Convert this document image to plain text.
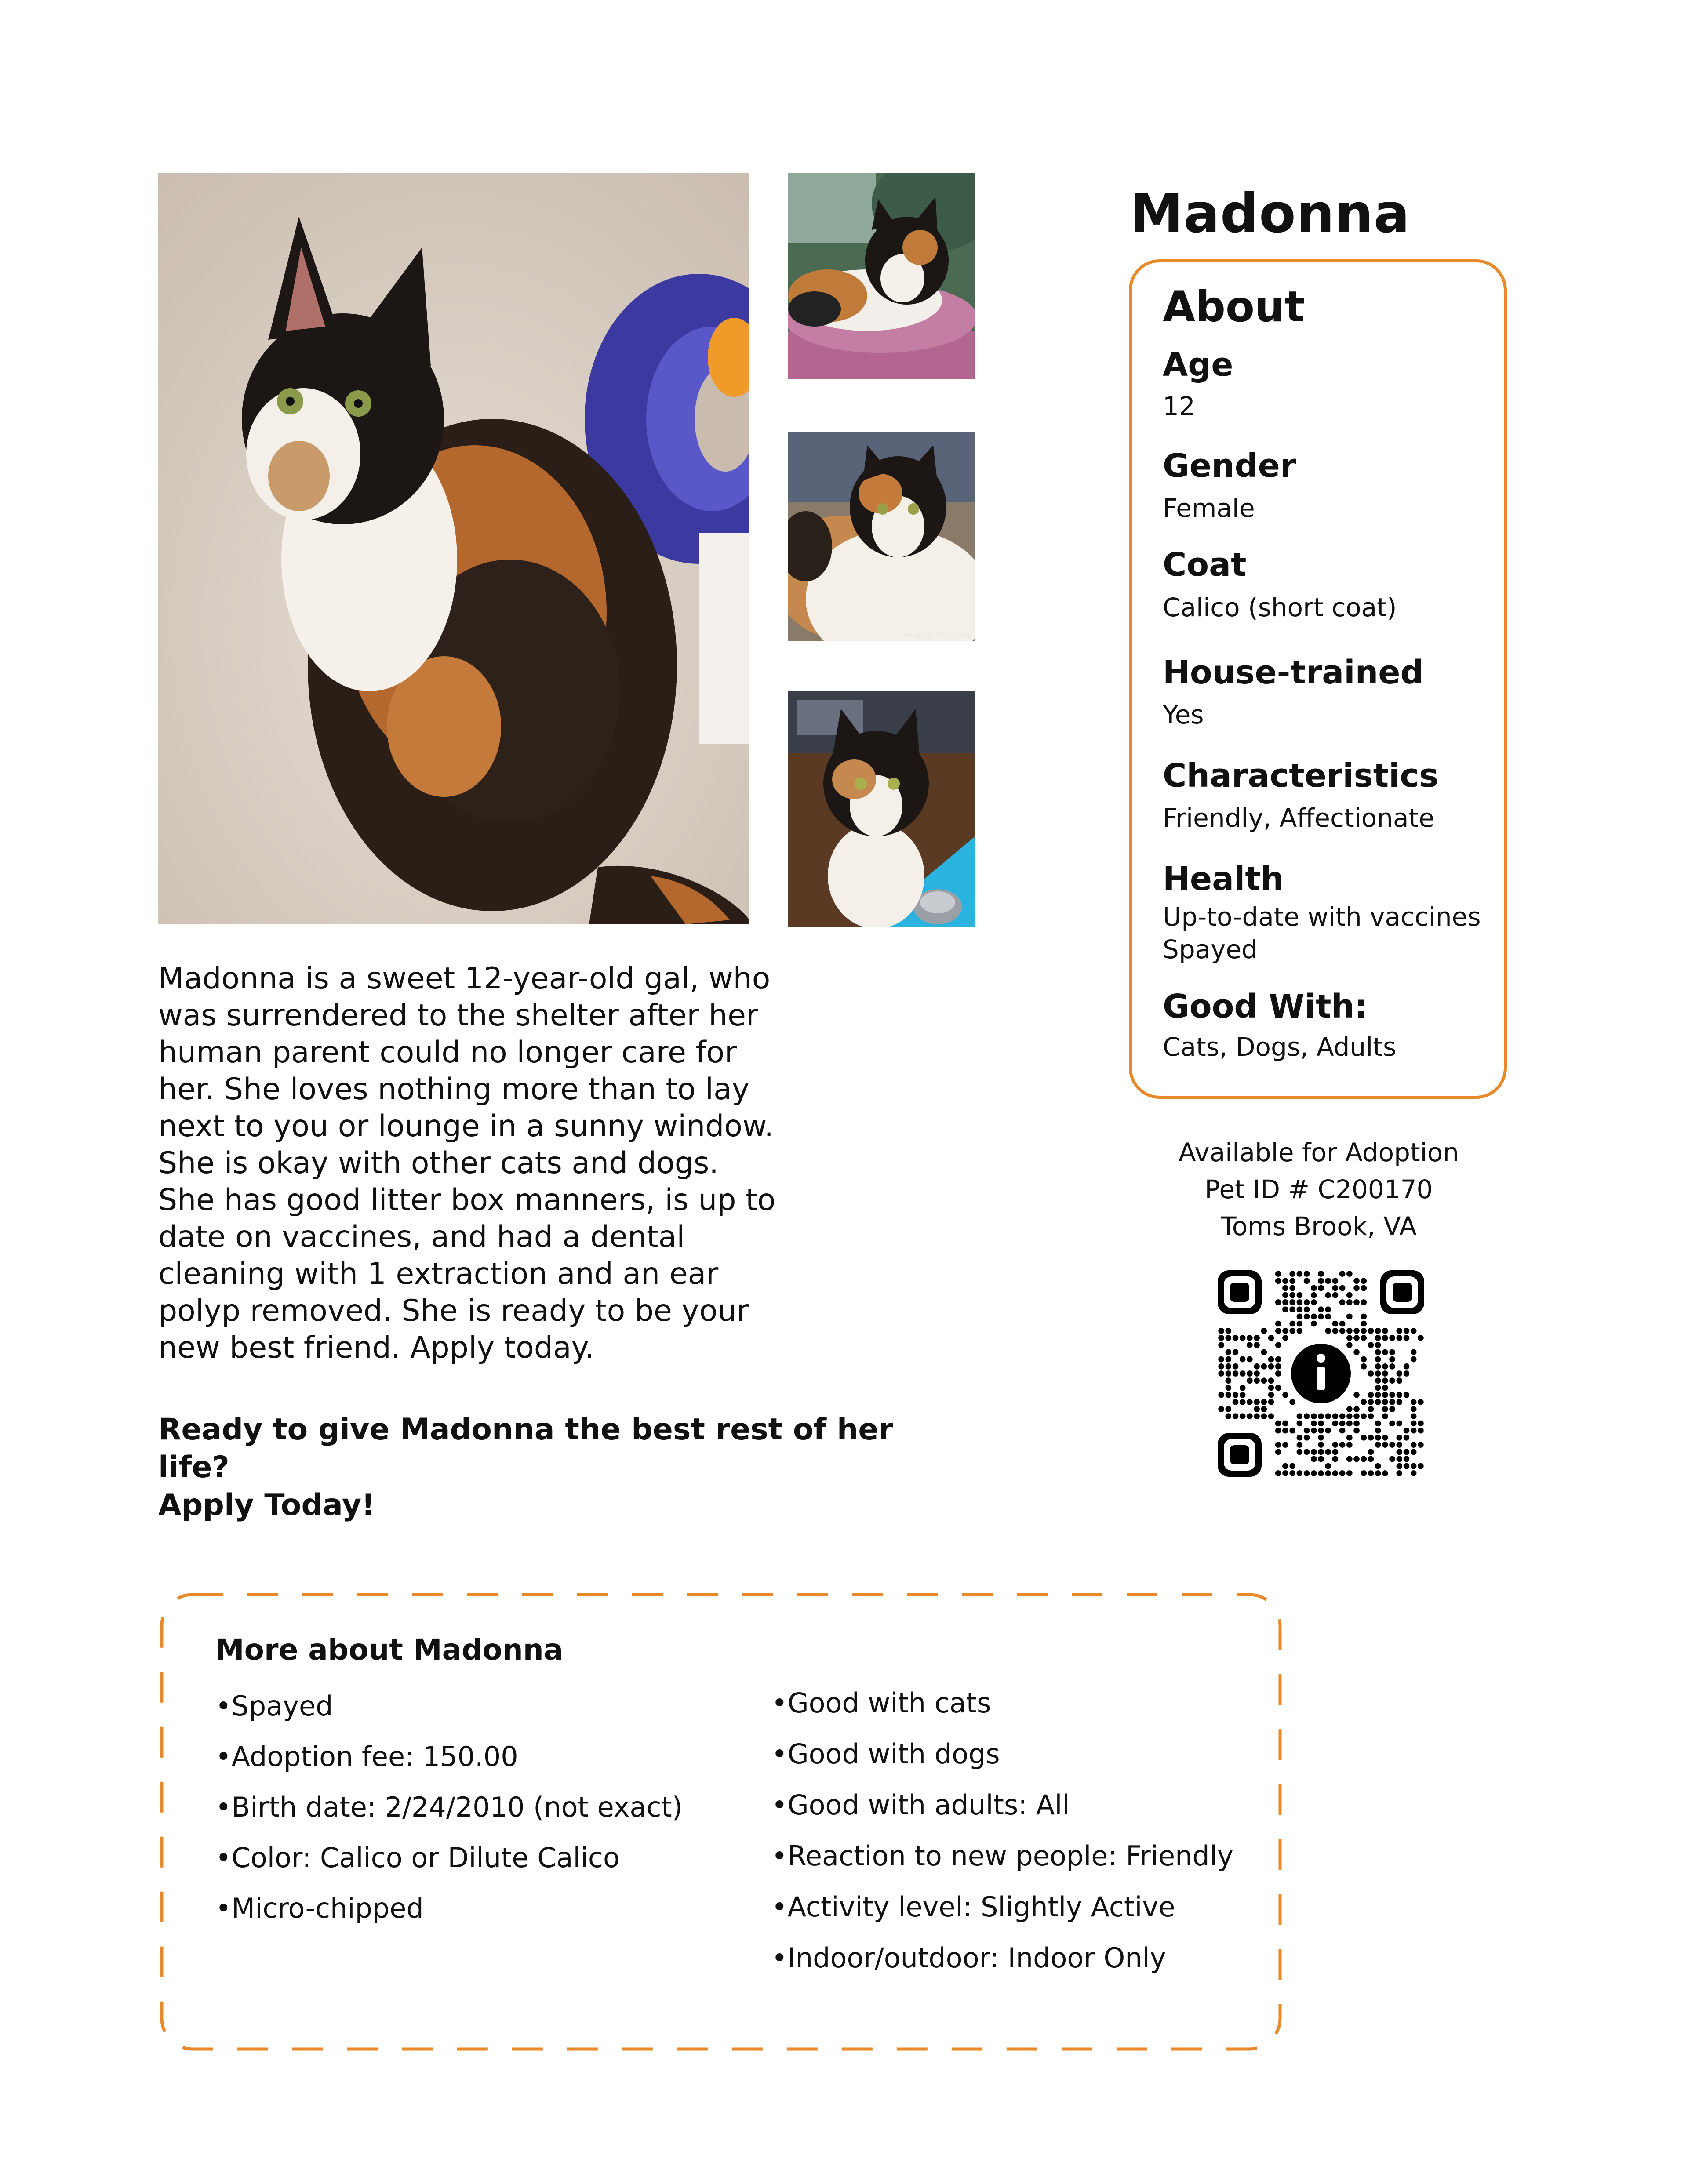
March 19, 2023 10:00
Madonna
About
Age
12
Gender
Female
Coat
Calico (short coat)
House-trained
Yes
Characteristics
Friendly, Affectionate
Health
Up-to-date with vaccines
Spayed
Good With:
Cats, Dogs, Adults
Available for Adoption
Pet ID # C200170
Toms Brook, VA
Madonna is a sweet 12-year-old gal, who
was surrendered to the shelter after her
human parent could no longer care for
her. She loves nothing more than to lay
next to you or lounge in a sunny window.
She is okay with other cats and dogs.
She has good litter box manners, is up to
date on vaccines, and had a dental
cleaning with 1 extraction and an ear
polyp removed. She is ready to be your
new best friend. Apply today.
Ready to give Madonna the best rest of her life?
Apply Today!
More about Madonna
•Spayed
•Adoption fee: 150.00
•Birth date: 2/24/2010 (not exact)
•Color: Calico or Dilute Calico
•Micro-chipped
•Good with cats
•Good with dogs
•Good with adults: All
•Reaction to new people: Friendly
•Activity level: Slightly Active
•Indoor/outdoor: Indoor Only
